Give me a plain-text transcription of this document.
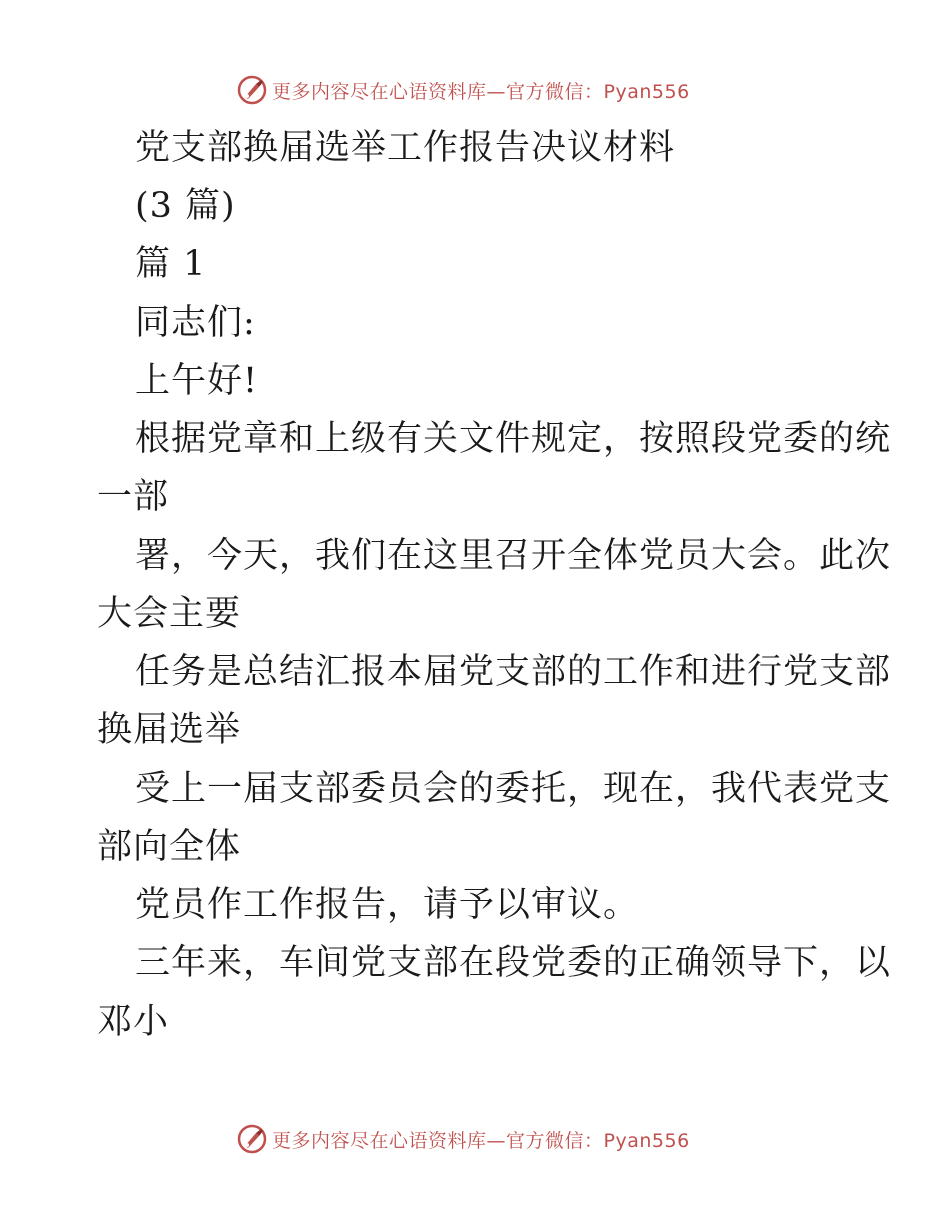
更多内容尽在心语资料库—官方微信：Pyan556
党支部换届选举工作报告决议材料
(3 篇)
篇 1
同志们:
上午好!
根据党章和上级有关文件规定，按照段党委的统
一部
署，今天，我们在这里召开全体党员大会。此次
大会主要
任务是总结汇报本届党支部的工作和进行党支部
换届选举
受上一届支部委员会的委托，现在，我代表党支
部向全体
党员作工作报告，请予以审议。
三年来，车间党支部在段党委的正确领导下，以
邓小
更多内容尽在心语资料库—官方微信：Pyan556
